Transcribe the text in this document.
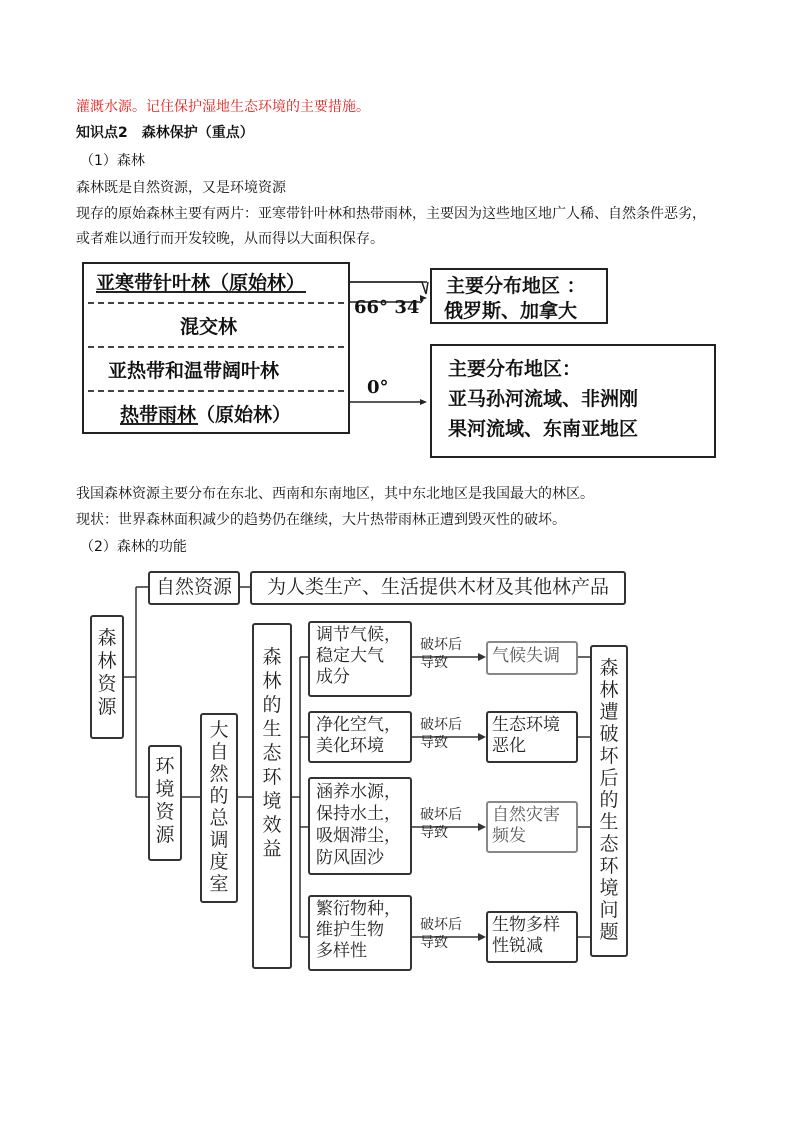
灌溉水源。记住保护湿地生态环境的主要措施。
知识点2　森林保护（重点）
（1）森林
森林既是自然资源，又是环境资源
现存的原始森林主要有两片：亚寒带针叶林和热带雨林，主要因为这些地区地广人稀、自然条件恶劣，
或者难以通行而开发较晚，从而得以大面积保存。
亚寒带针叶林（原始林）
混交林
亚热带和温带阔叶林
热带雨林（原始林）
66° 34′
0°
主要分布地区 ：
俄罗斯、加拿大
主要分布地区：
亚马孙河流域、非洲刚
果河流域、东南亚地区
我国森林资源主要分布在东北、西南和东南地区，其中东北地区是我国最大的林区。
现状：世界森林面积减少的趋势仍在继续，大片热带雨林正遭到毁灭性的破坏。
（2）森林的功能
森
林
资
源
自然资源	为人类生产、生活提供木材及其他林产品
环
境
资
源
大
自
然
的
总
调
度
室
森
林
的
生
态
环
境
效
益
调节气候，
稳定大气
成分
净化空气，
美化环境
涵养水源，
保持水土，
吸烟滞尘，
防风固沙
繁衍物种，
维护生物
多样性
破坏后
导致
破坏后
导致
破坏后
导致
破坏后
导致
气候失调
生态环境
恶化
自然灾害
频发
生物多样
性锐减
森
林
遭
破
坏
后
的
生
态
环
境
问
题
